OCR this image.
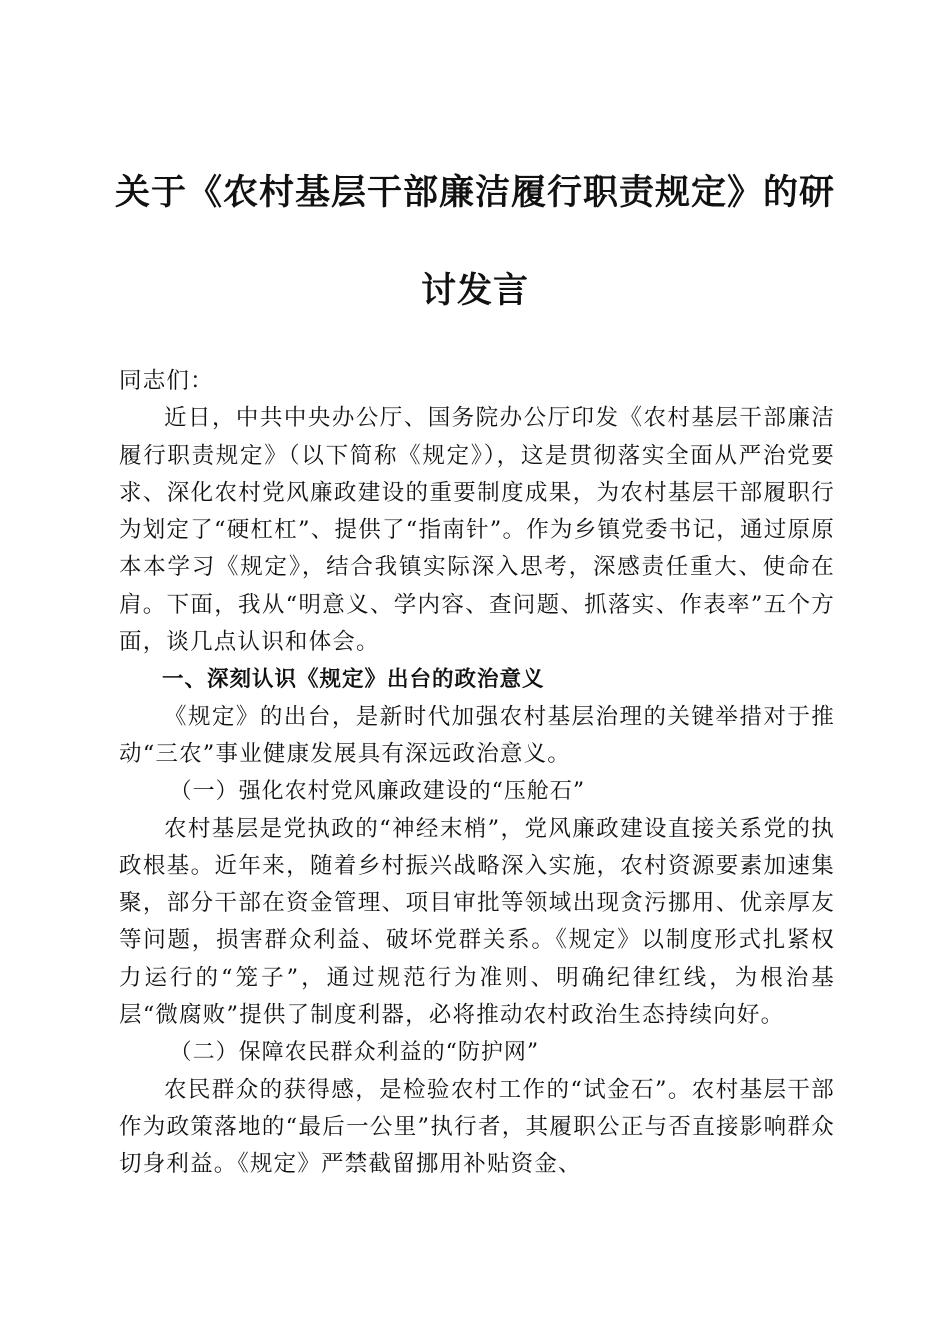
关于《农村基层干部廉洁履行职责规定》的研
讨发言

同志们：

近日，中共中央办公厅、国务院办公厅印发《农村基层干部廉洁履行职责规定》（以下简称《规定》），这是贯彻落实全面从严治党要求、深化农村党风廉政建设的重要制度成果，为农村基层干部履职行为划定了“硬杠杠”、提供了“指南针”。作为乡镇党委书记，通过原原本本学习《规定》，结合我镇实际深入思考，深感责任重大、使命在肩。下面，我从“明意义、学内容、查问题、抓落实、作表率”五个方面，谈几点认识和体会。

一、深刻认识《规定》出台的政治意义

《规定》的出台，是新时代加强农村基层治理的关键举措对于推动“三农”事业健康发展具有深远政治意义。

（一）强化农村党风廉政建设的“压舱石”

农村基层是党执政的“神经末梢”，党风廉政建设直接关系党的执政根基。近年来，随着乡村振兴战略深入实施，农村资源要素加速集聚，部分干部在资金管理、项目审批等领域出现贪污挪用、优亲厚友等问题，损害群众利益、破坏党群关系。《规定》以制度形式扎紧权力运行的“笼子”，通过规范行为准则、明确纪律红线，为根治基层“微腐败”提供了制度利器，必将推动农村政治生态持续向好。

（二）保障农民群众利益的“防护网”

农民群众的获得感，是检验农村工作的“试金石”。农村基层干部作为政策落地的“最后一公里”执行者，其履职公正与否直接影响群众切身利益。《规定》严禁截留挪用补贴资金、
